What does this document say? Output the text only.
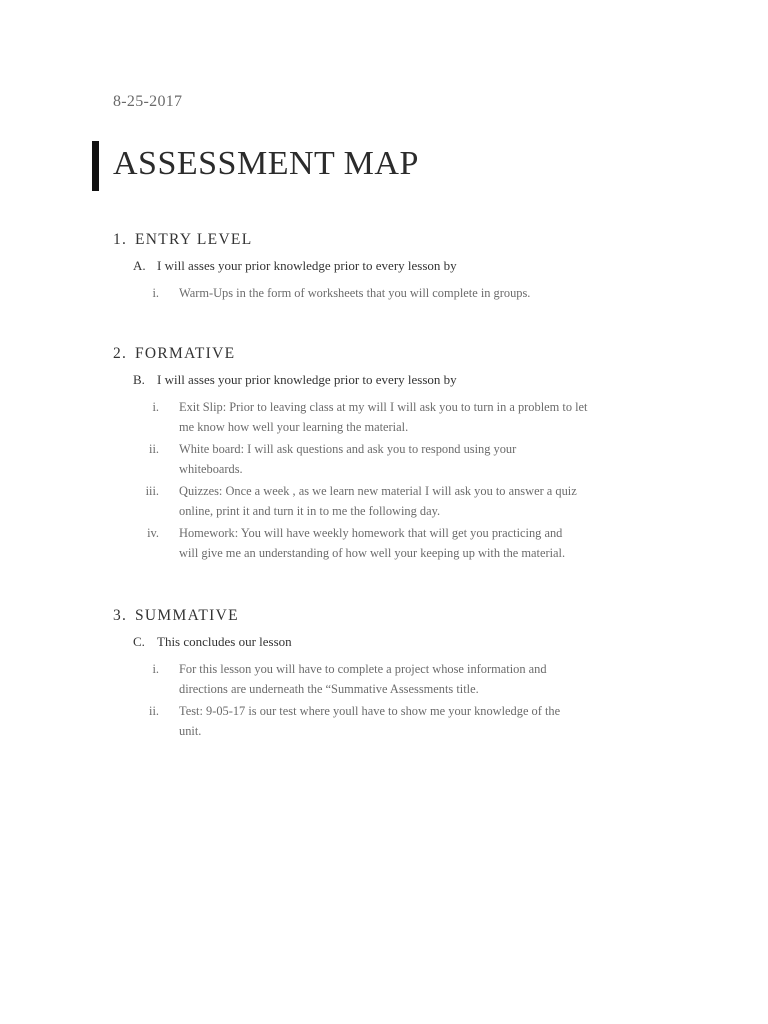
8-25-2017
ASSESSMENT MAP
1. ENTRY LEVEL
A. I will asses your prior knowledge prior to every lesson by
i. Warm-Ups in the form of worksheets that you will complete in groups.
2. FORMATIVE
B. I will asses your prior knowledge prior to every lesson by
i. Exit Slip: Prior to leaving class at my will I will ask you to turn in a problem to let
me know how well your learning the material.
ii. White board: I will ask questions and ask you to respond using your
whiteboards.
iii. Quizzes: Once a week , as we learn new material I will ask you to answer a quiz
online, print it and turn it in to me the following day.
iv. Homework: You will have weekly homework that will get you practicing and
will give me an understanding of how well your keeping up with the material.
3. SUMMATIVE
C. This concludes our lesson
i. For this lesson you will have to complete a project whose information and
directions are underneath the “Summative Assessments title.
ii. Test: 9-05-17 is our test where youll have to show me your knowledge of the
unit.
